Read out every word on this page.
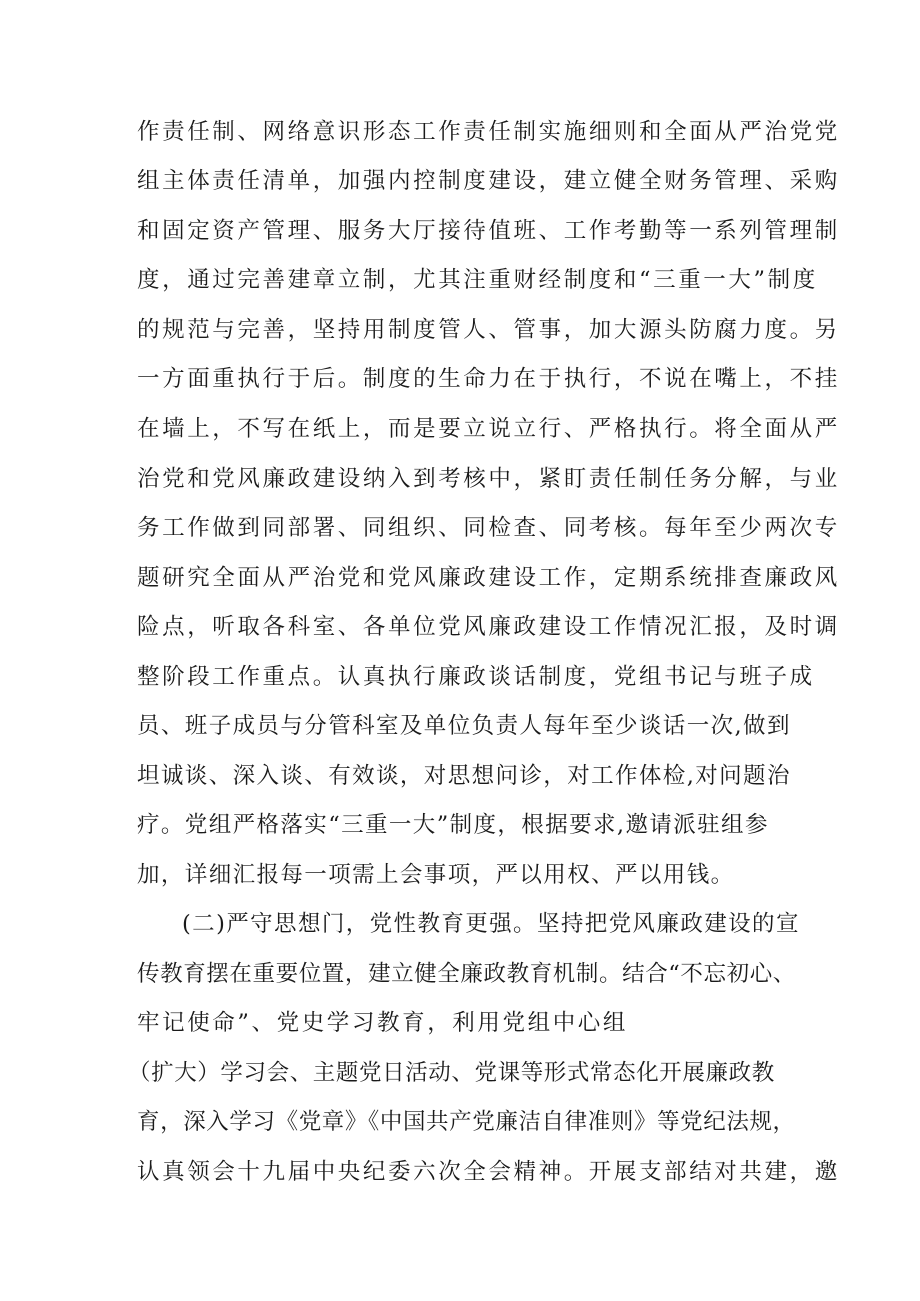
作责任制、网络意识形态工作责任制实施细则和全面从严治党党
组主体责任清单，加强内控制度建设，建立健全财务管理、采购
和固定资产管理、服务大厅接待值班、工作考勤等一系列管理制
度，通过完善建章立制，尤其注重财经制度和“三重一大”制度
的规范与完善，坚持用制度管人、管事，加大源头防腐力度。另
一方面重执行于后。制度的生命力在于执行，不说在嘴上，不挂
在墙上，不写在纸上，而是要立说立行、严格执行。将全面从严
治党和党风廉政建设纳入到考核中，紧盯责任制任务分解，与业
务工作做到同部署、同组织、同检查、同考核。每年至少两次专
题研究全面从严治党和党风廉政建设工作，定期系统排查廉政风
险点，听取各科室、各单位党风廉政建设工作情况汇报，及时调
整阶段工作重点。认真执行廉政谈话制度，党组书记与班子成
员、班子成员与分管科室及单位负责人每年至少谈话一次,做到
坦诚谈、深入谈、有效谈，对思想问诊，对工作体检,对问题治
疗。党组严格落实“三重一大”制度，根据要求,邀请派驻组参
加，详细汇报每一项需上会事项，严以用权、严以用钱。
(二)严守思想门，党性教育更强。坚持把党风廉政建设的宣
传教育摆在重要位置，建立健全廉政教育机制。结合“不忘初心、
牢记使命”、党史学习教育，利用党组中心组
（扩大）学习会、主题党日活动、党课等形式常态化开展廉政教
育，深入学习《党章》《中国共产党廉洁自律准则》等党纪法规，
认真领会十九届中央纪委六次全会精神。开展支部结对共建，邀
